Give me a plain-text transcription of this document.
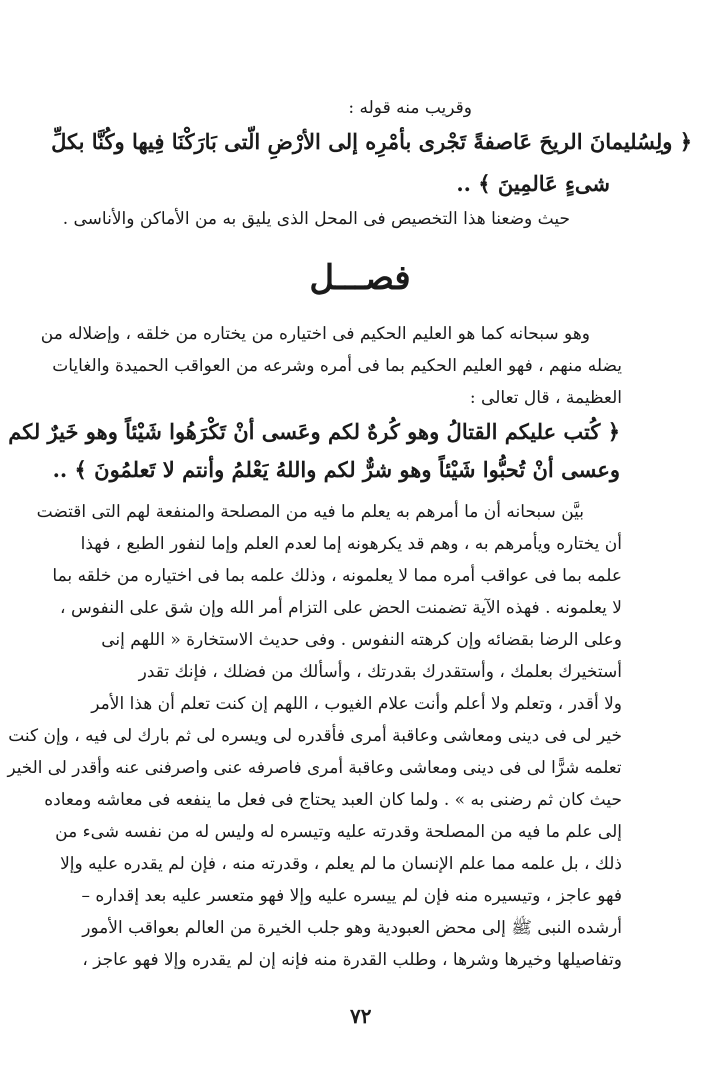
وقريب منه قوله :
﴿ ولِسُليمانَ الريحَ عَاصفةً تَجْرى بأمْرِه إلى الأرْضِ الّتى بَارَكْنَا فِيها وكُنَّا بكلِّ
شىءٍ عَالمِينَ ﴾ ..
حيث وضعنا هذا التخصيص فى المحل الذى يليق به من الأماكن والأناسى .
فصـــل
وهو سبحانه كما هو العليم الحكيم فى اختياره من يختاره من خلقه ، وإضلاله من
يضله منهم ، فهو العليم الحكيم بما فى أمره وشرعه من العواقب الحميدة والغايات
العظيمة ، قال تعالى :
﴿ كُتب عليكم القتالُ وهو كُرهٌ لكم وعَسى أنْ تَكْرَهُوا شَيْئاً وهو خَيرٌ لكم
وعسى أنْ تُحبُّوا شَيْئاً وهو شرٌّ لكم واللهُ يَعْلمُ وأنتم لا تَعلمُونَ ﴾ ..
بيَّن سبحانه أن ما أمرهم به يعلم ما فيه من المصلحة والمنفعة لهم التى اقتضت
أن يختاره ويأمرهم به ، وهم قد يكرهونه إما لعدم العلم وإما لنفور الطبع ، فهذا
علمه بما فى عواقب أمره مما لا يعلمونه ، وذلك علمه بما فى اختياره من خلقه بما
لا يعلمونه . فهذه الآية تضمنت الحض على التزام أمر الله وإن شق على النفوس ،
وعلى الرضا بقضائه وإن كرهته النفوس . وفى حديث الاستخارة « اللهم إنى
أستخيرك بعلمك ، وأستقدرك بقدرتك ، وأسألك من فضلك ، فإنك تقدر
ولا أقدر ، وتعلم ولا أعلم وأنت علام الغيوب ، اللهم إن كنت تعلم أن هذا الأمر
خير لى فى دينى ومعاشى وعاقبة أمرى فأقدره لى ويسره لى ثم بارك لى فيه ، وإن كنت
تعلمه شرًّا لى فى دينى ومعاشى وعاقبة أمرى فاصرفه عنى واصرفنى عنه وأقدر لى الخير
حيث كان ثم رضنى به » . ولما كان العبد يحتاج فى فعل ما ينفعه فى معاشه ومعاده
إلى علم ما فيه من المصلحة وقدرته عليه وتيسره له وليس له من نفسه شىء من
ذلك ، بل علمه مما علم الإنسان ما لم يعلم ، وقدرته منه ، فإن لم يقدره عليه وإلا
فهو عاجز ، وتيسيره منه فإن لم ييسره عليه وإلا فهو متعسر عليه بعد إقداره –
أرشده النبى ﷺ إلى محض العبودية وهو جلب الخيرة من العالم بعواقب الأمور
وتفاصيلها وخيرها وشرها ، وطلب القدرة منه فإنه إن لم يقدره وإلا فهو عاجز ،
٧٢
